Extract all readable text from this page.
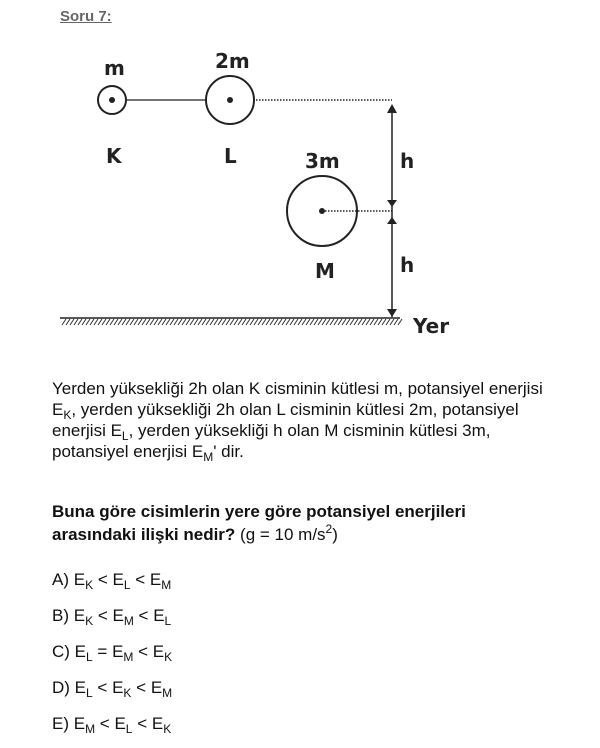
Soru 7:
m	2m
3m
K	L
M
h
h
Yer
Yerden yüksekliği 2h olan K cisminin kütlesi m, potansiyel enerjisi $E_K$, yerden yüksekliği 2h olan L cisminin kütlesi 2m, potansiyel enerjisi $E_L$, yerden yüksekliği h olan M cisminin kütlesi 3m, potansiyel enerjisi $E_M'$ dir.
Buna göre cisimlerin yere göre potansiyel enerjileri arasındaki ilişki nedir? (g = 10 $m/s^2$)
A) $E_K < E_L < E_M$
B) $E_K < E_M < E_L$
C) $E_L = E_M < E_K$
D) $E_L < E_K < E_M$
E) $E_M < E_L < E_K$
